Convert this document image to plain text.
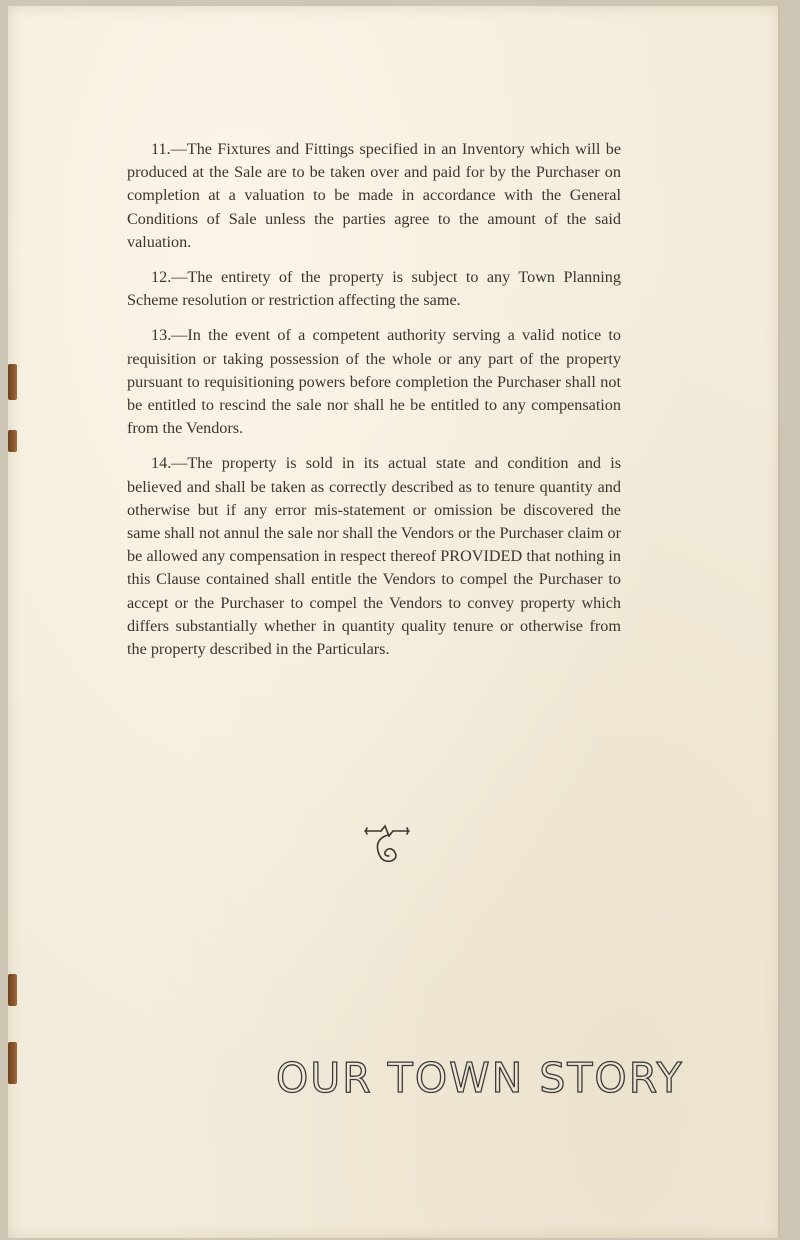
11.—The Fixtures and Fittings specified in an Inventory which will be produced at the Sale are to be taken over and paid for by the Purchaser on completion at a valuation to be made in accordance with the General Conditions of Sale unless the parties agree to the amount of the said valuation.

12.—The entirety of the property is subject to any Town Planning Scheme resolution or restriction affecting the same.

13.—In the event of a competent authority serving a valid notice to requisition or taking possession of the whole or any part of the property pursuant to requisitioning powers before completion the Purchaser shall not be entitled to rescind the sale nor shall he be entitled to any compensation from the Vendors.

14.—The property is sold in its actual state and condition and is believed and shall be taken as correctly described as to tenure quantity and otherwise but if any error mis-statement or omission be discovered the same shall not annul the sale nor shall the Vendors or the Purchaser claim or be allowed any compensation in respect thereof PROVIDED that nothing in this Clause contained shall entitle the Vendors to compel the Purchaser to accept or the Purchaser to compel the Vendors to convey property which differs substantially whether in quantity quality tenure or otherwise from the property described in the Particulars.

OUR TOWN STORY
